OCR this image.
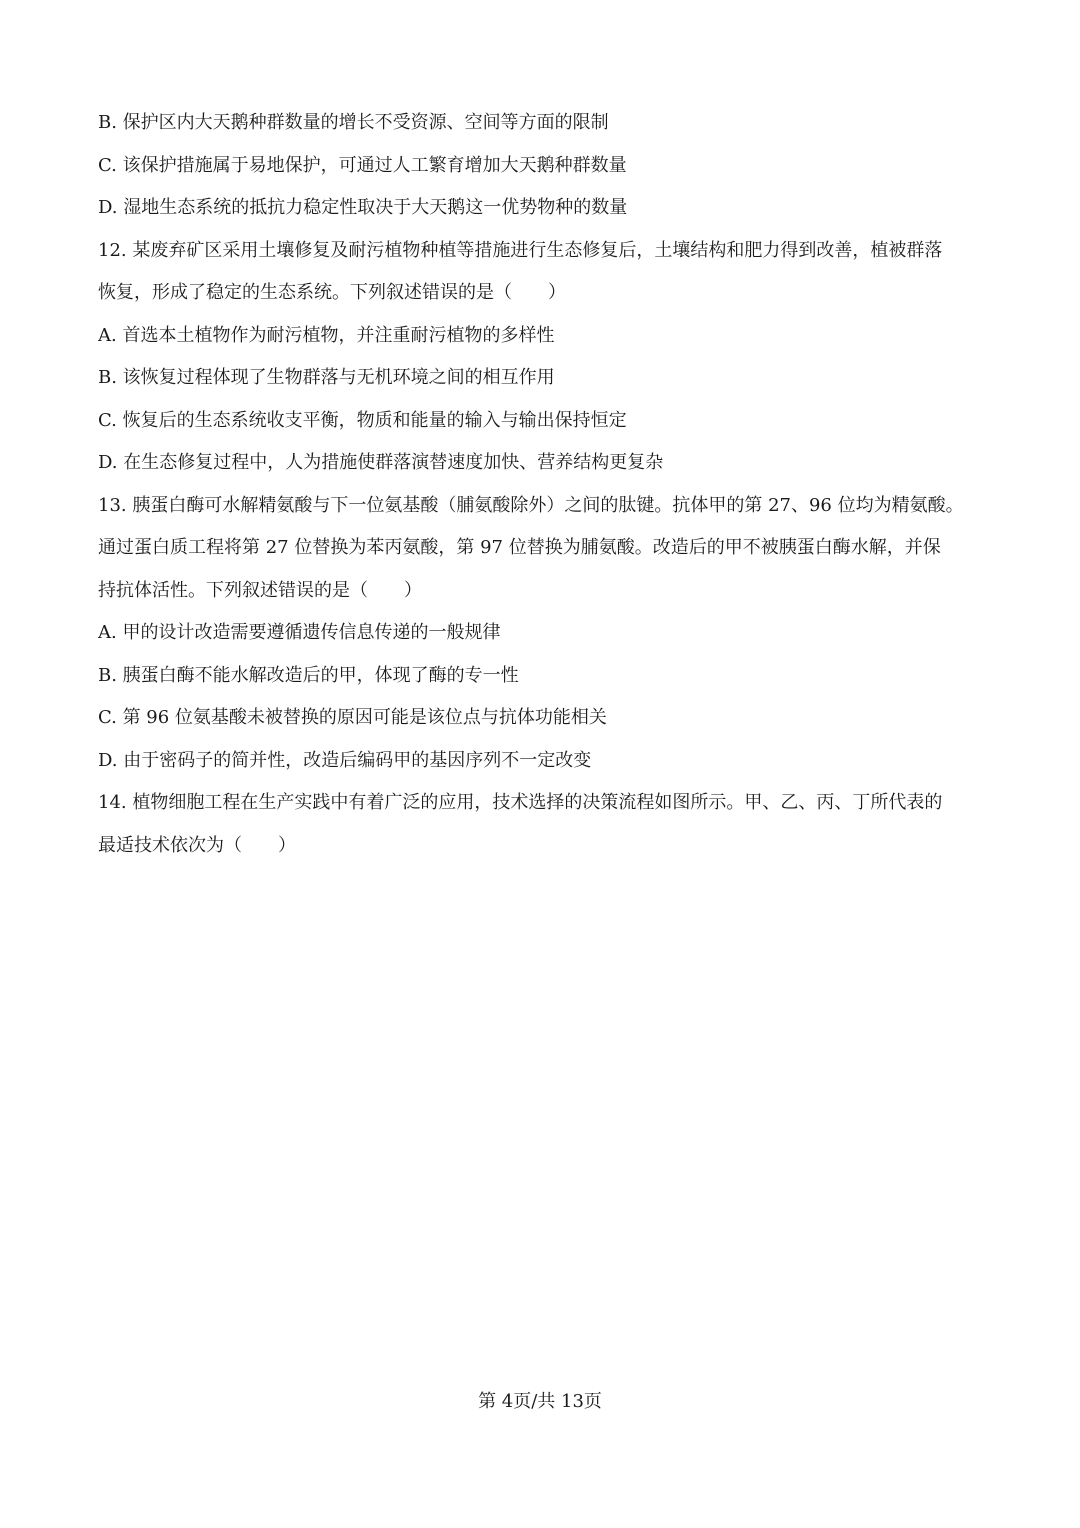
B. 保护区内大天鹅种群数量的增长不受资源、空间等方面的限制
C. 该保护措施属于易地保护，可通过人工繁育增加大天鹅种群数量
D. 湿地生态系统的抵抗力稳定性取决于大天鹅这一优势物种的数量
12. 某废弃矿区采用土壤修复及耐污植物种植等措施进行生态修复后，土壤结构和肥力得到改善，植被群落
恢复，形成了稳定的生态系统。下列叙述错误的是（　　）
A. 首选本土植物作为耐污植物，并注重耐污植物的多样性
B. 该恢复过程体现了生物群落与无机环境之间的相互作用
C. 恢复后的生态系统收支平衡，物质和能量的输入与输出保持恒定
D. 在生态修复过程中，人为措施使群落演替速度加快、营养结构更复杂
13. 胰蛋白酶可水解精氨酸与下一位氨基酸（脯氨酸除外）之间的肽键。抗体甲的第 27、96 位均为精氨酸。
通过蛋白质工程将第 27 位替换为苯丙氨酸，第 97 位替换为脯氨酸。改造后的甲不被胰蛋白酶水解，并保
持抗体活性。下列叙述错误的是（　　）
A. 甲的设计改造需要遵循遗传信息传递的一般规律
B. 胰蛋白酶不能水解改造后的甲，体现了酶的专一性
C. 第 96 位氨基酸未被替换的原因可能是该位点与抗体功能相关
D. 由于密码子的简并性，改造后编码甲的基因序列不一定改变
14. 植物细胞工程在生产实践中有着广泛的应用，技术选择的决策流程如图所示。甲、乙、丙、丁所代表的
最适技术依次为（　　）
第 4页/共 13页
